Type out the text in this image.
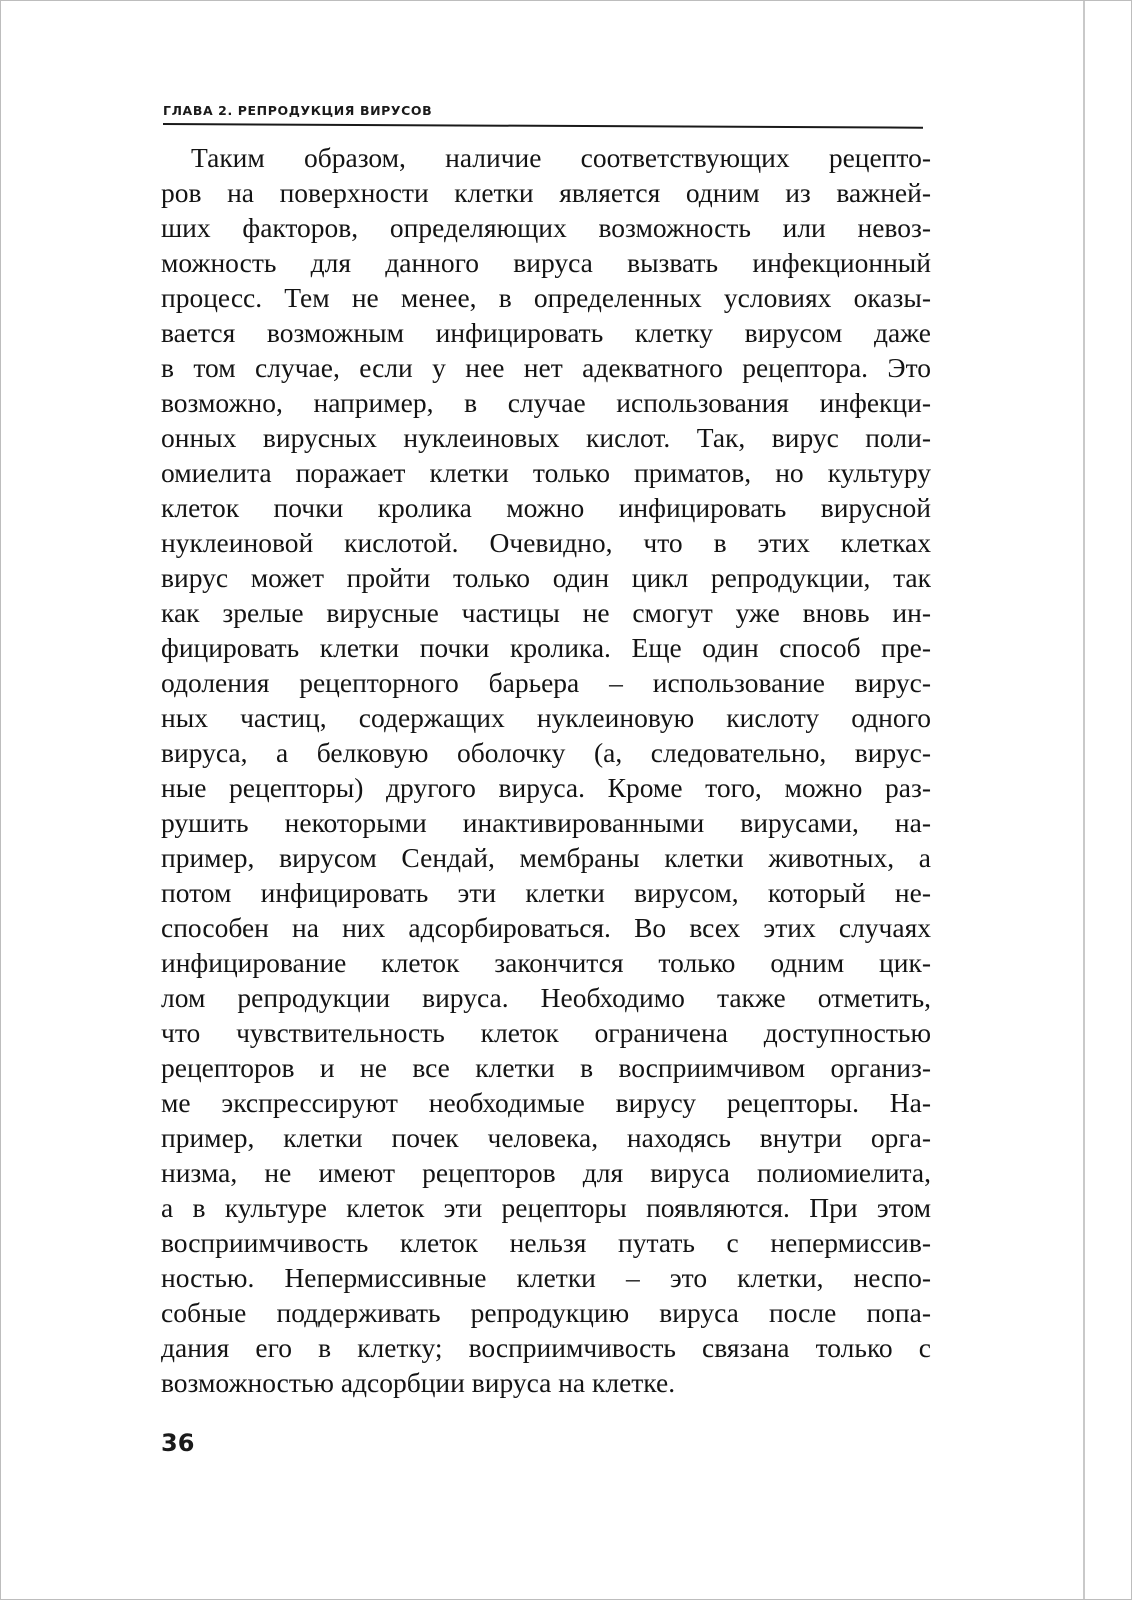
ГЛАВА 2. РЕПРОДУКЦИЯ ВИРУСОВ
Таким образом, наличие соответствующих рецепто-
ров на поверхности клетки является одним из важней-
ших факторов, определяющих возможность или невоз-
можность для данного вируса вызвать инфекционный
процесс. Тем не менее, в определенных условиях оказы-
вается возможным инфицировать клетку вирусом даже
в том случае, если у нее нет адекватного рецептора. Это
возможно, например, в случае использования инфекци-
онных вирусных нуклеиновых кислот. Так, вирус поли-
омиелита поражает клетки только приматов, но культуру
клеток почки кролика можно инфицировать вирусной
нуклеиновой кислотой. Очевидно, что в этих клетках
вирус может пройти только один цикл репродукции, так
как зрелые вирусные частицы не смогут уже вновь ин-
фицировать клетки почки кролика. Еще один способ пре-
одоления рецепторного барьера – использование вирус-
ных частиц, содержащих нуклеиновую кислоту одного
вируса, а белковую оболочку (а, следовательно, вирус-
ные рецепторы) другого вируса. Кроме того, можно раз-
рушить некоторыми инактивированными вирусами, на-
пример, вирусом Сендай, мембраны клетки животных, а
потом инфицировать эти клетки вирусом, который не-
способен на них адсорбироваться. Во всех этих случаях
инфицирование клеток закончится только одним цик-
лом репродукции вируса. Необходимо также отметить,
что чувствительность клеток ограничена доступностью
рецепторов и не все клетки в восприимчивом организ-
ме экспрессируют необходимые вирусу рецепторы. На-
пример, клетки почек человека, находясь внутри орга-
низма, не имеют рецепторов для вируса полиомиелита,
а в культуре клеток эти рецепторы появляются. При этом
восприимчивость клеток нельзя путать с непермиссив-
ностью. Непермиссивные клетки – это клетки, неспо-
собные поддерживать репродукцию вируса после попа-
дания его в клетку; восприимчивость связана только с
возможностью адсорбции вируса на клетке.
36
